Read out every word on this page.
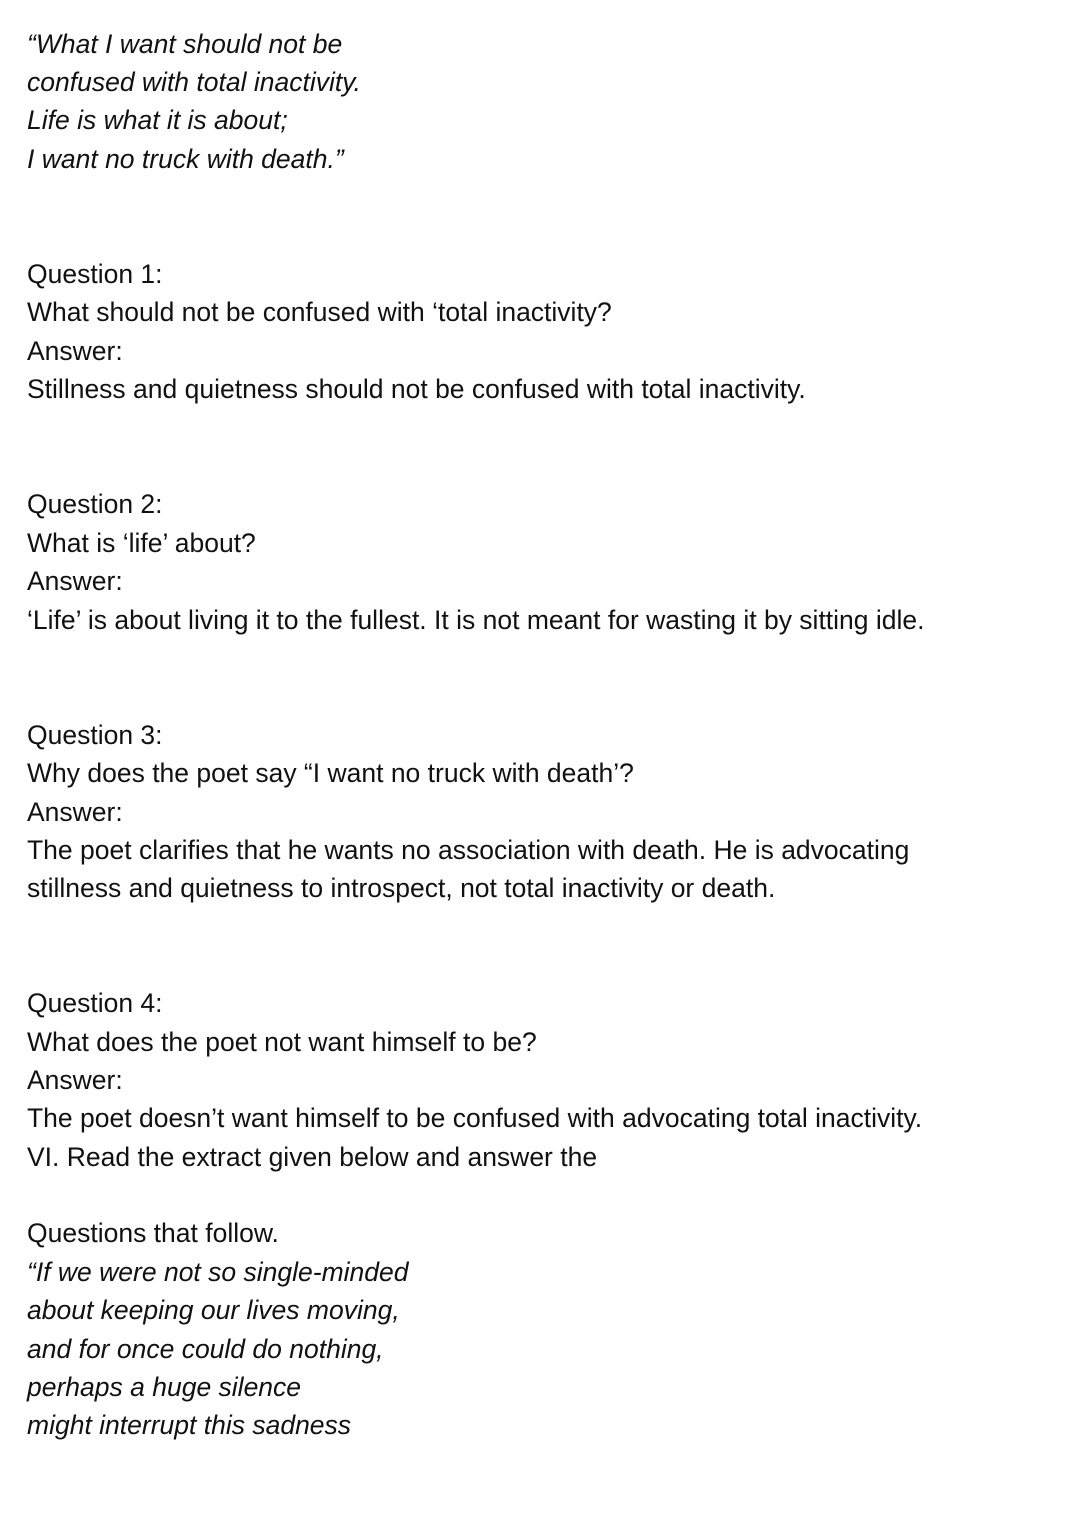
“What I want should not be
confused with total inactivity.
Life is what it is about;
I want no truck with death.”
Question 1:
What should not be confused with ‘total inactivity?
Answer:
Stillness and quietness should not be confused with total inactivity.
Question 2:
What is ‘life’ about?
Answer:
‘Life’ is about living it to the fullest. It is not meant for wasting it by sitting idle.
Question 3:
Why does the poet say “I want no truck with death’?
Answer:
The poet clarifies that he wants no association with death. He is advocating
stillness and quietness to introspect, not total inactivity or death.
Question 4:
What does the poet not want himself to be?
Answer:
The poet doesn’t want himself to be confused with advocating total inactivity.
VI. Read the extract given below and answer the
Questions that follow.
“If we were not so single-minded
about keeping our lives moving,
and for once could do nothing,
perhaps a huge silence
might interrupt this sadness
